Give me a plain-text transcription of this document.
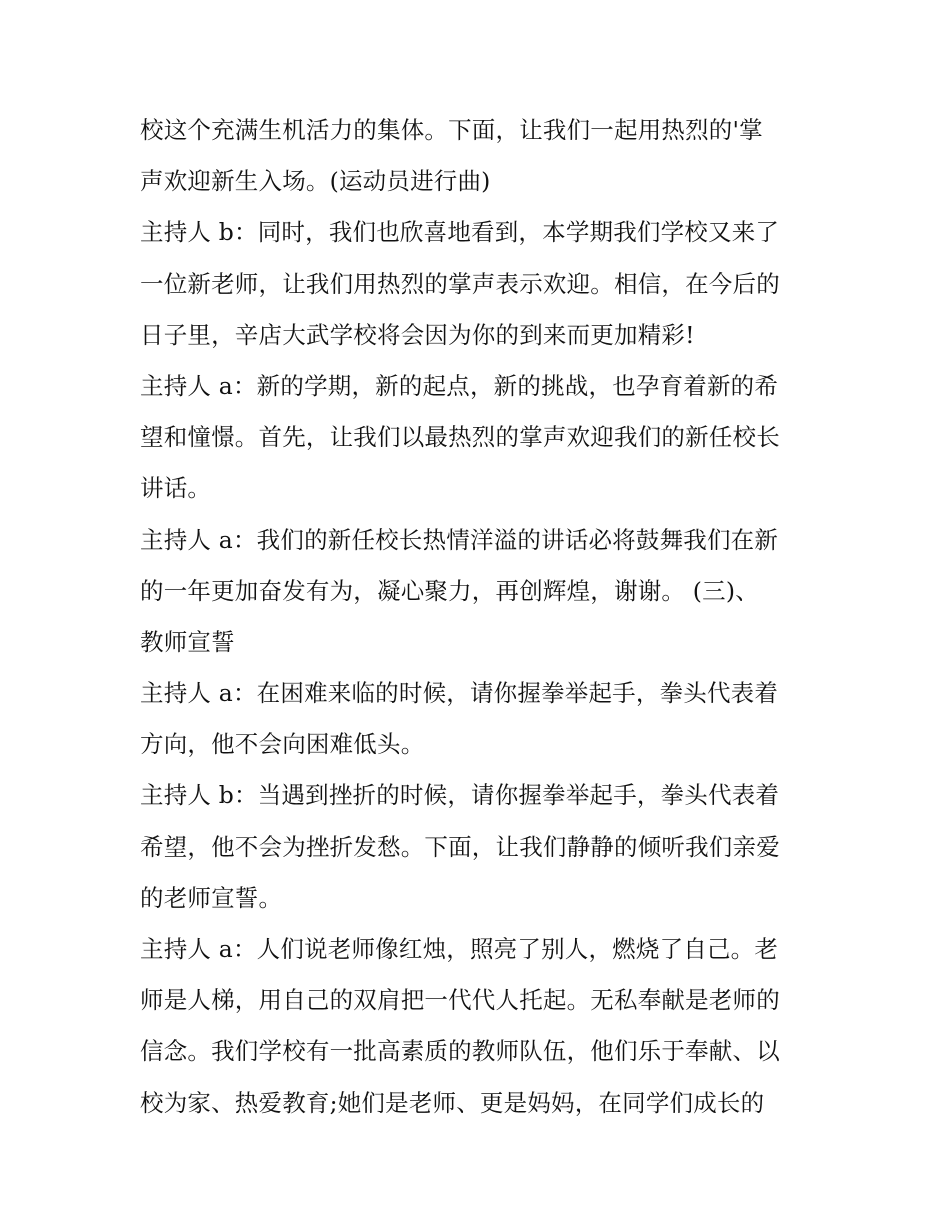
校这个充满生机活力的集体。下面，让我们一起用热烈的'掌
声欢迎新生入场。(运动员进行曲)
主持人 b：同时，我们也欣喜地看到，本学期我们学校又来了
一位新老师，让我们用热烈的掌声表示欢迎。相信，在今后的
日子里，辛店大武学校将会因为你的到来而更加精彩!
主持人 a：新的学期，新的起点，新的挑战，也孕育着新的希
望和憧憬。首先，让我们以最热烈的掌声欢迎我们的新任校长
讲话。
主持人 a：我们的新任校长热情洋溢的讲话必将鼓舞我们在新
的一年更加奋发有为，凝心聚力，再创辉煌，谢谢。 (三)、
教师宣誓
主持人 a：在困难来临的时候，请你握拳举起手，拳头代表着
方向，他不会向困难低头。
主持人 b：当遇到挫折的时候，请你握拳举起手，拳头代表着
希望，他不会为挫折发愁。下面，让我们静静的倾听我们亲爱
的老师宣誓。
主持人 a：人们说老师像红烛，照亮了别人，燃烧了自己。老
师是人梯，用自己的双肩把一代代人托起。无私奉献是老师的
信念。我们学校有一批高素质的教师队伍，他们乐于奉献、以
校为家、热爱教育;她们是老师、更是妈妈，在同学们成长的
